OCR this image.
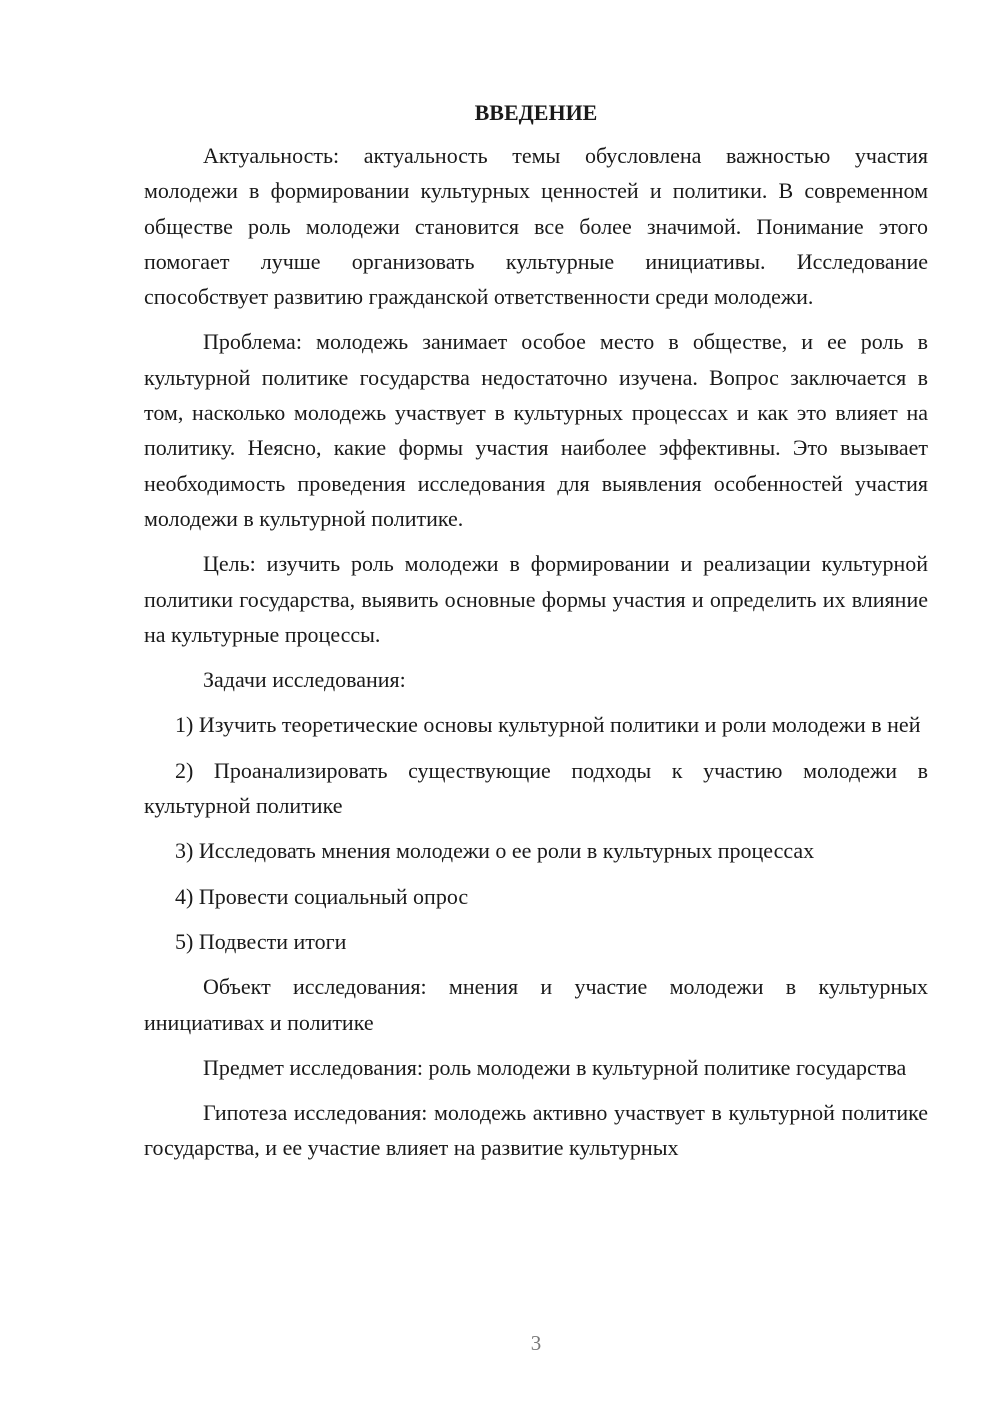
ВВЕДЕНИЕ

Актуальность: актуальность темы обусловлена важностью участия молодежи в формировании культурных ценностей и политики. В современном обществе роль молодежи становится все более значимой. Понимание этого помогает лучше организовать культурные инициативы. Исследование способствует развитию гражданской ответственности среди молодежи.

Проблема: молодежь занимает особое место в обществе, и ее роль в культурной политике государства недостаточно изучена. Вопрос заключается в том, насколько молодежь участвует в культурных процессах и как это влияет на политику. Неясно, какие формы участия наиболее эффективны. Это вызывает необходимость проведения исследования для выявления особенностей участия молодежи в культурной политике.

Цель: изучить роль молодежи в формировании и реализации культурной политики государства, выявить основные формы участия и определить их влияние на культурные процессы.

Задачи исследования:

1) Изучить теоретические основы культурной политики и роли молодежи в ней

2) Проанализировать существующие подходы к участию молодежи в культурной политике

3) Исследовать мнения молодежи о ее роли в культурных процессах

4) Провести социальный опрос

5) Подвести итоги

Объект исследования: мнения и участие молодежи в культурных инициативах и политике

Предмет исследования: роль молодежи в культурной политике государства

Гипотеза исследования: молодежь активно участвует в культурной политике государства, и ее участие влияет на развитие культурных

3
